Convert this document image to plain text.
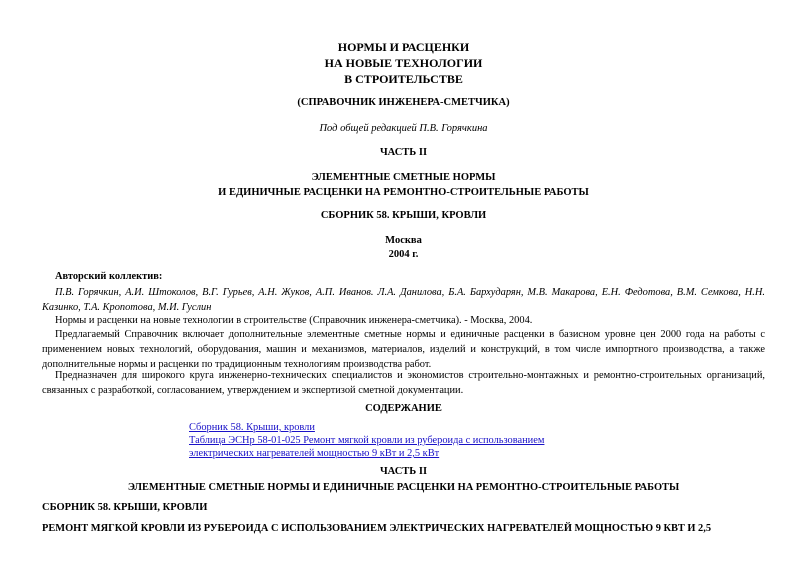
НОРМЫ И РАСЦЕНКИ
НА НОВЫЕ ТЕХНОЛОГИИ
В СТРОИТЕЛЬСТВЕ
(СПРАВОЧНИК ИНЖЕНЕРА-СМЕТЧИКА)
Под общей редакцией П.В. Горячкина
ЧАСТЬ II
ЭЛЕМЕНТНЫЕ СМЕТНЫЕ НОРМЫ
И ЕДИНИЧНЫЕ РАСЦЕНКИ НА РЕМОНТНО-СТРОИТЕЛЬНЫЕ РАБОТЫ
СБОРНИК 58. КРЫШИ, КРОВЛИ
Москва
2004 г.
Авторский коллектив:
П.В. Горячкин, А.И. Штоколов, В.Г. Гурьев, А.Н. Жуков, А.П. Иванов. Л.А. Данилова, Б.А. Бархударян, М.В. Макарова, Е.Н. Федотова, В.М. Семкова, Н.Н. Казинко, Т.А. Кропотова, М.И. Гуслин
Нормы и расценки на новые технологии в строительстве (Справочник инженера-сметчика). - Москва, 2004.
Предлагаемый Справочник включает дополнительные элементные сметные нормы и единичные расценки в базисном уровне цен 2000 года на работы с применением новых технологий, оборудования, машин и механизмов, материалов, изделий и конструкций, в том числе импортного производства, а также дополнительные нормы и расценки по традиционным технологиям производства работ.
Предназначен для широкого круга инженерно-технических специалистов и экономистов строительно-монтажных и ремонтно-строительных организаций, связанных с разработкой, согласованием, утверждением и экспертизой сметной документации.
СОДЕРЖАНИЕ
Сборник 58. Крыши, кровли
Таблица ЭСНр 58-01-025 Ремонт мягкой кровли из рубероида с использованием
электрических нагревателей мощностью 9 кВт и 2,5 кВт
ЧАСТЬ II
ЭЛЕМЕНТНЫЕ СМЕТНЫЕ НОРМЫ И ЕДИНИЧНЫЕ РАСЦЕНКИ НА РЕМОНТНО-СТРОИТЕЛЬНЫЕ РАБОТЫ
СБОРНИК 58. КРЫШИ, КРОВЛИ
РЕМОНТ МЯГКОЙ КРОВЛИ ИЗ РУБЕРОИДА С ИСПОЛЬЗОВАНИЕМ ЭЛЕКТРИЧЕСКИХ НАГРЕВАТЕЛЕЙ МОЩНОСТЬЮ 9 КВТ И 2,5
